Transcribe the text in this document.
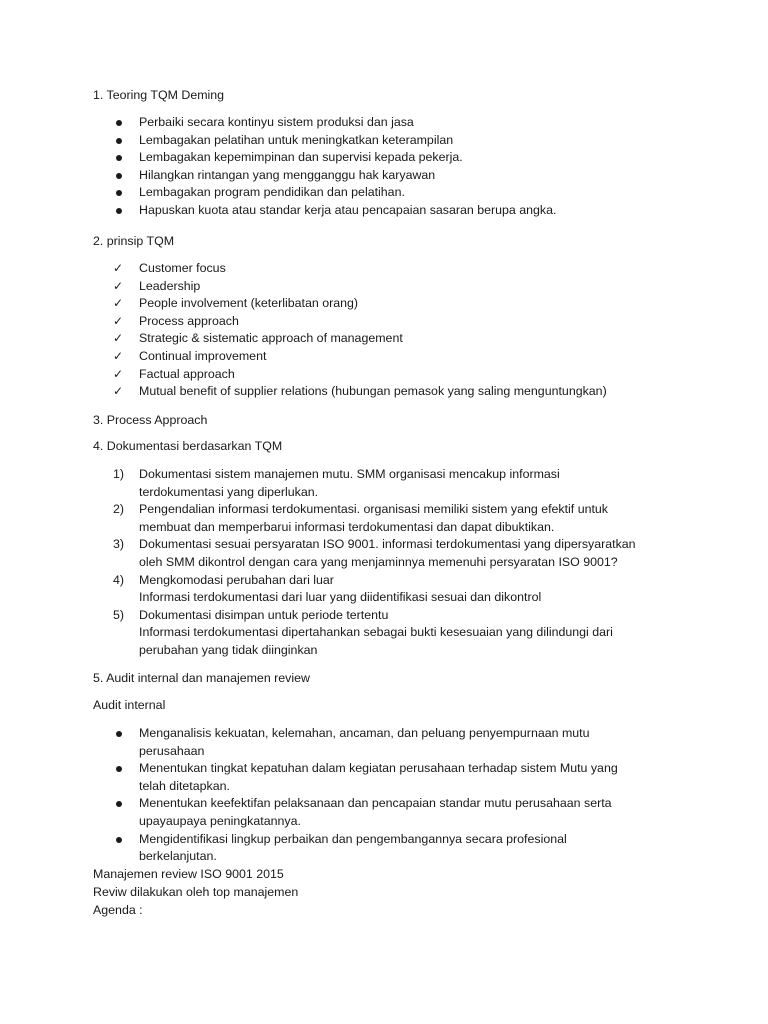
1. Teoring TQM Deming
Perbaiki secara kontinyu sistem produksi dan jasa
Lembagakan pelatihan untuk meningkatkan keterampilan
Lembagakan kepemimpinan dan supervisi kepada pekerja.
Hilangkan rintangan yang mengganggu hak karyawan
Lembagakan program pendidikan dan pelatihan.
Hapuskan kuota atau standar kerja atau pencapaian sasaran berupa angka.
2. prinsip TQM
✓ Customer focus
✓ Leadership
✓ People involvement (keterlibatan orang)
✓ Process approach
✓ Strategic & sistematic approach of management
✓ Continual improvement
✓ Factual approach
✓ Mutual benefit of supplier relations (hubungan pemasok yang saling menguntungkan)
3. Process Approach
4. Dokumentasi berdasarkan TQM
1) Dokumentasi sistem manajemen mutu. SMM organisasi mencakup informasi
terdokumentasi yang diperlukan.
2) Pengendalian informasi terdokumentasi. organisasi memiliki sistem yang efektif untuk
membuat dan memperbarui informasi terdokumentasi dan dapat dibuktikan.
3) Dokumentasi sesuai persyaratan ISO 9001. informasi terdokumentasi yang dipersyaratkan
oleh SMM dikontrol dengan cara yang menjaminnya memenuhi persyaratan ISO 9001?
4) Mengkomodasi perubahan dari luar
Informasi terdokumentasi dari luar yang diidentifikasi sesuai dan dikontrol
5) Dokumentasi disimpan untuk periode tertentu
Informasi terdokumentasi dipertahankan sebagai bukti kesesuaian yang dilindungi dari
perubahan yang tidak diinginkan
5. Audit internal dan manajemen review
Audit internal
Menganalisis kekuatan, kelemahan, ancaman, dan peluang penyempurnaan mutu
perusahaan
Menentukan tingkat kepatuhan dalam kegiatan perusahaan terhadap sistem Mutu yang
telah ditetapkan.
Menentukan keefektifan pelaksanaan dan pencapaian standar mutu perusahaan serta
upayaupaya peningkatannya.
Mengidentifikasi lingkup perbaikan dan pengembangannya secara profesional
berkelanjutan.
Manajemen review ISO 9001 2015
Reviw dilakukan oleh top manajemen
Agenda :
